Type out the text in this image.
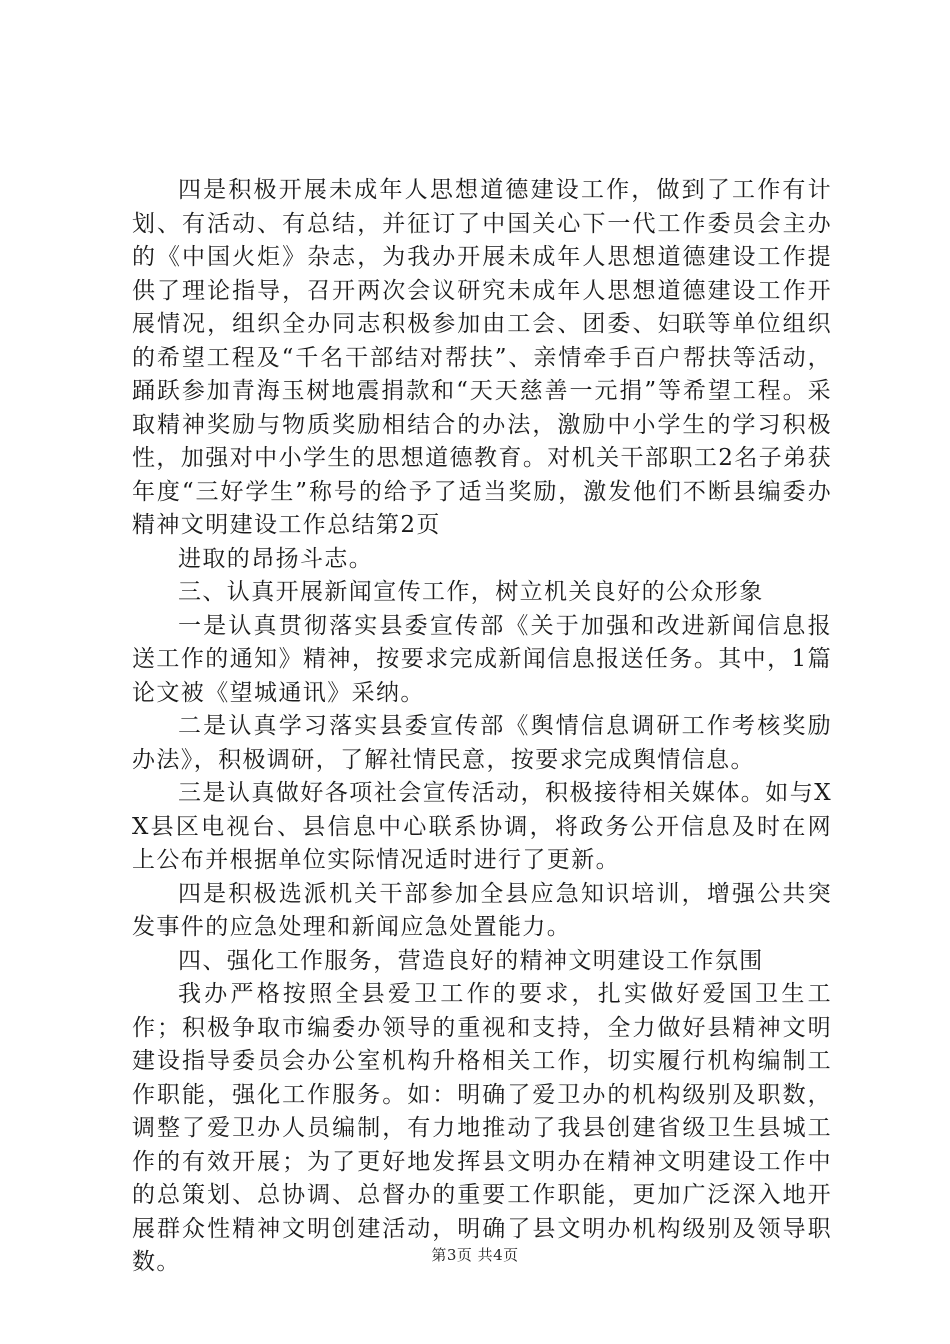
四是积极开展未成年人思想道德建设工作，做到了工作有计划、有活动、有总结，并征订了中国关心下一代工作委员会主办的《中国火炬》杂志，为我办开展未成年人思想道德建设工作提供了理论指导，召开两次会议研究未成年人思想道德建设工作开展情况，组织全办同志积极参加由工会、团委、妇联等单位组织的希望工程及“千名干部结对帮扶”、亲情牵手百户帮扶等活动，踊跃参加青海玉树地震捐款和“天天慈善一元捐”等希望工程。采取精神奖励与物质奖励相结合的办法，激励中小学生的学习积极性，加强对中小学生的思想道德教育。对机关干部职工2名子弟获年度“三好学生”称号的给予了适当奖励，激发他们不断县编委办精神文明建设工作总结第2页

进取的昂扬斗志。

三、认真开展新闻宣传工作，树立机关良好的公众形象

一是认真贯彻落实县委宣传部《关于加强和改进新闻信息报送工作的通知》精神，按要求完成新闻信息报送任务。其中，1篇论文被《望城通讯》采纳。

二是认真学习落实县委宣传部《舆情信息调研工作考核奖励办法》，积极调研，了解社情民意，按要求完成舆情信息。

三是认真做好各项社会宣传活动，积极接待相关媒体。如与XX县区电视台、县信息中心联系协调，将政务公开信息及时在网上公布并根据单位实际情况适时进行了更新。

四是积极选派机关干部参加全县应急知识培训，增强公共突发事件的应急处理和新闻应急处置能力。

四、强化工作服务，营造良好的精神文明建设工作氛围

我办严格按照全县爱卫工作的要求，扎实做好爱国卫生工作；积极争取市编委办领导的重视和支持，全力做好县精神文明建设指导委员会办公室机构升格相关工作，切实履行机构编制工作职能，强化工作服务。如：明确了爱卫办的机构级别及职数，调整了爱卫办人员编制，有力地推动了我县创建省级卫生县城工作的有效开展；为了更好地发挥县文明办在精神文明建设工作中的总策划、总协调、总督办的重要工作职能，更加广泛深入地开展群众性精神文明创建活动，明确了县文明办机构级别及领导职数。	第3页 共4页
